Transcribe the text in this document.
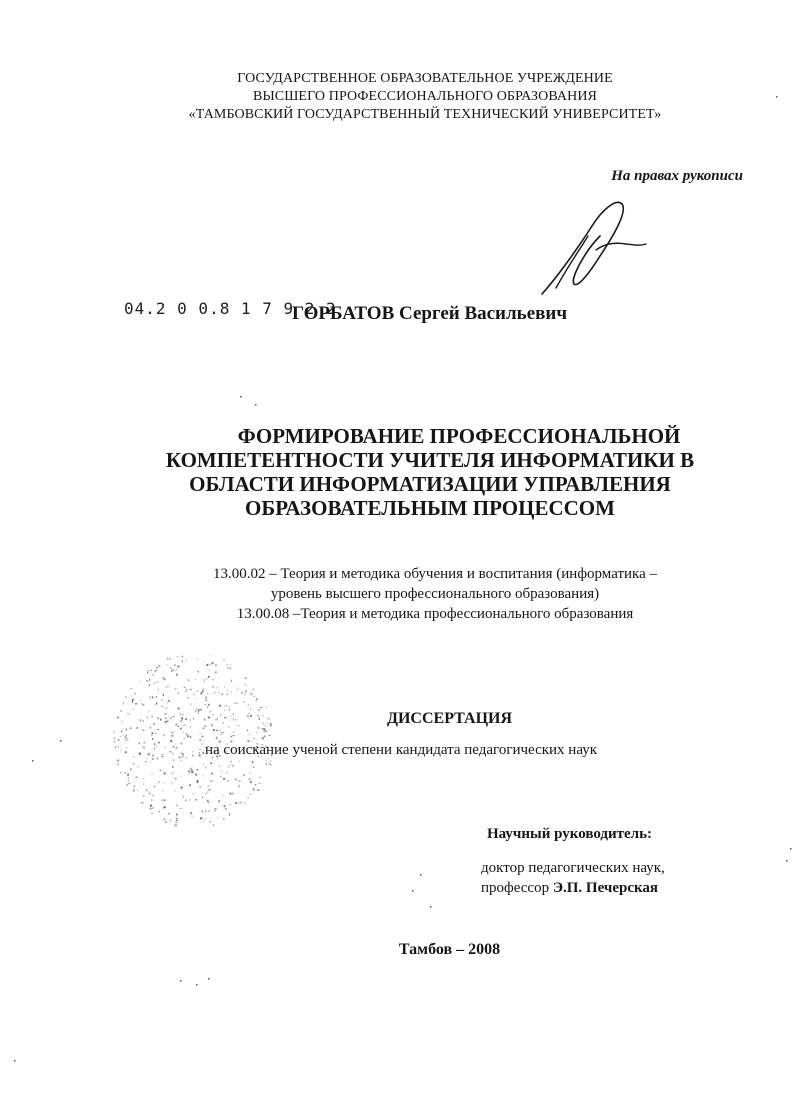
ГОСУДАРСТВЕННОЕ ОБРАЗОВАТЕЛЬНОЕ УЧРЕЖДЕНИЕ
ВЫСШЕГО ПРОФЕССИОНАЛЬНОГО ОБРАЗОВАНИЯ
«ТАМБОВСКИЙ ГОСУДАРСТВЕННЫЙ ТЕХНИЧЕСКИЙ УНИВЕРСИТЕТ»
На правах рукописи
04.2 0 0.8 1 7 9 2 2
ГОРБАТОВ Сергей Васильевич
ФОРМИРОВАНИЕ ПРОФЕССИОНАЛЬНОЙ
КОМПЕТЕНТНОСТИ УЧИТЕЛЯ ИНФОРМАТИКИ В
ОБЛАСТИ ИНФОРМАТИЗАЦИИ УПРАВЛЕНИЯ
ОБРАЗОВАТЕЛЬНЫМ ПРОЦЕССОМ
13.00.02 – Теория и методика обучения и воспитания (информатика –
уровень высшего профессионального образования)
13.00.08 –Теория и методика профессионального образования
ДИССЕРТАЦИЯ
на соискание ученой степени кандидата педагогических наук
Научный руководитель:
доктор педагогических наук,
профессор Э.П. Печерская
Тамбов – 2008
